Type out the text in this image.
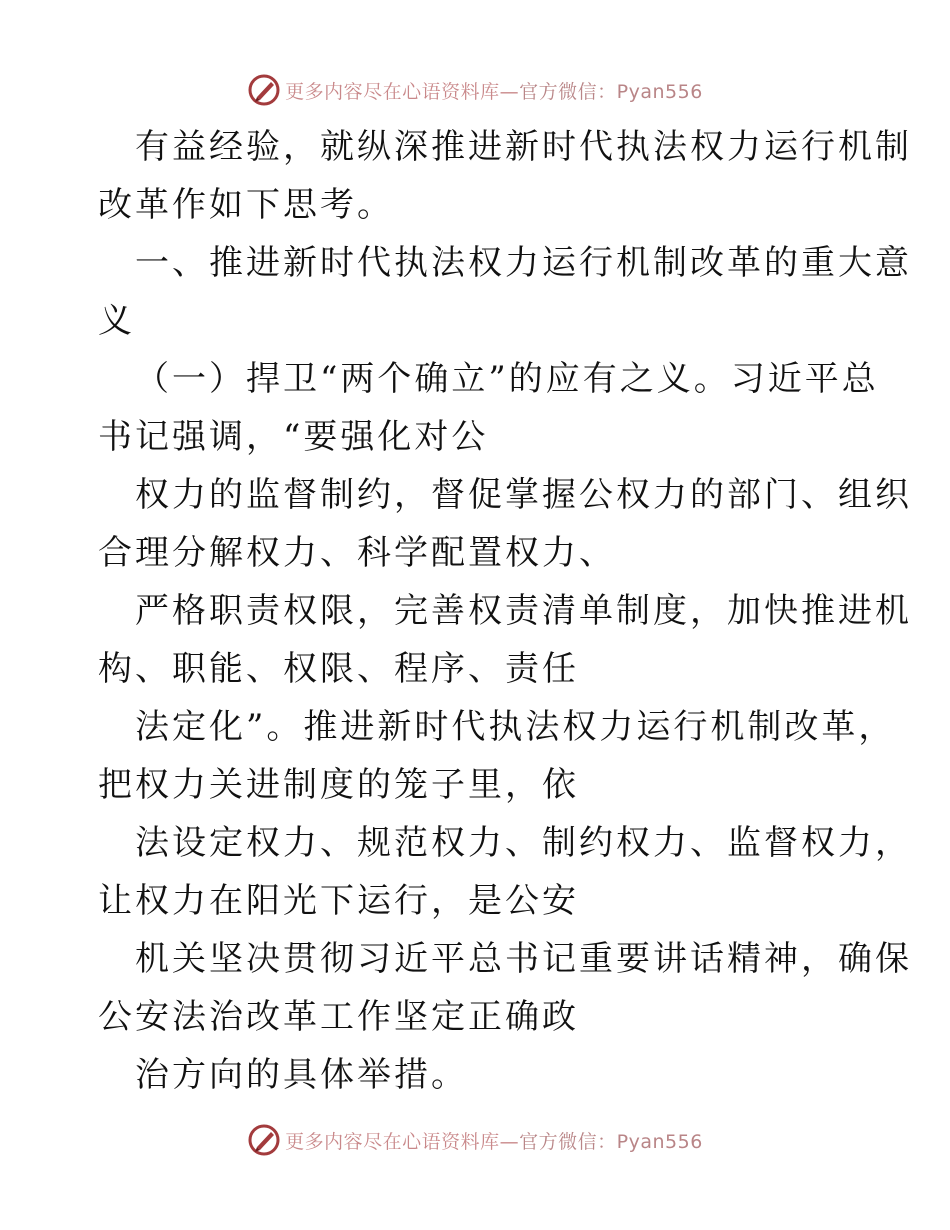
更多内容尽在心语资料库—官方微信：Pyan556
有益经验，就纵深推进新时代执法权力运行机制
改革作如下思考。
一、推进新时代执法权力运行机制改革的重大意
义
（一）捍卫“两个确立”的应有之义。习近平总
书记强调，“要强化对公
权力的监督制约，督促掌握公权力的部门、组织
合理分解权力、科学配置权力、
严格职责权限，完善权责清单制度，加快推进机
构、职能、权限、程序、责任
法定化”。推进新时代执法权力运行机制改革，
把权力关进制度的笼子里，依
法设定权力、规范权力、制约权力、监督权力，
让权力在阳光下运行，是公安
机关坚决贯彻习近平总书记重要讲话精神，确保
公安法治改革工作坚定正确政
治方向的具体举措。
更多内容尽在心语资料库—官方微信：Pyan556
